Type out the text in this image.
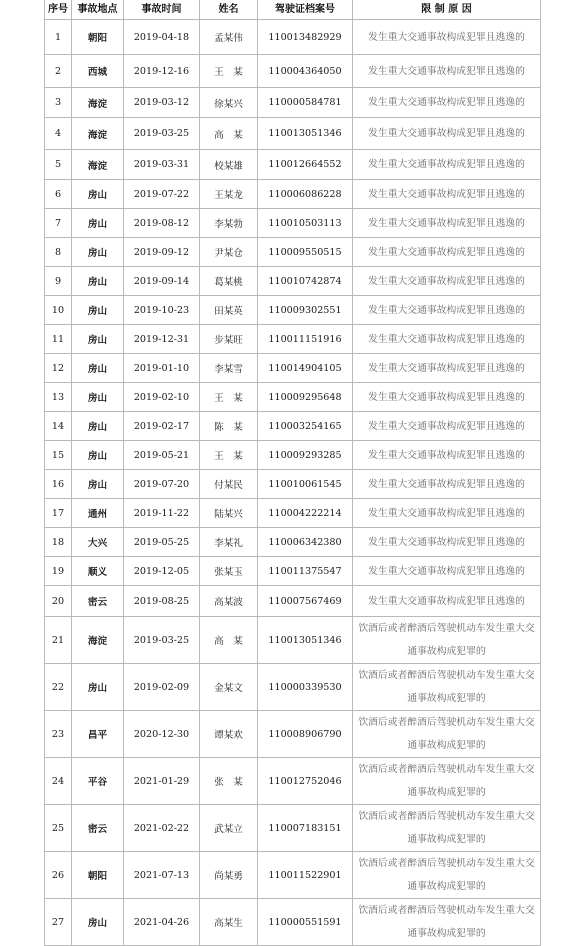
序号	事故地点	事故时间	姓名	驾驶证档案号	限 制 原 因
1	朝阳	2019-04-18	孟某伟	110013482929	发生重大交通事故构成犯罪且逃逸的
2	西城	2019-12-16	王　某	110004364050	发生重大交通事故构成犯罪且逃逸的
3	海淀	2019-03-12	徐某兴	110000584781	发生重大交通事故构成犯罪且逃逸的
4	海淀	2019-03-25	高　某	110013051346	发生重大交通事故构成犯罪且逃逸的
5	海淀	2019-03-31	校某雄	110012664552	发生重大交通事故构成犯罪且逃逸的
6	房山	2019-07-22	王某龙	110006086228	发生重大交通事故构成犯罪且逃逸的
7	房山	2019-08-12	李某勃	110010503113	发生重大交通事故构成犯罪且逃逸的
8	房山	2019-09-12	尹某仓	110009550515	发生重大交通事故构成犯罪且逃逸的
9	房山	2019-09-14	葛某桃	110010742874	发生重大交通事故构成犯罪且逃逸的
10	房山	2019-10-23	田某英	110009302551	发生重大交通事故构成犯罪且逃逸的
11	房山	2019-12-31	步某旺	110011151916	发生重大交通事故构成犯罪且逃逸的
12	房山	2019-01-10	李某雪	110014904105	发生重大交通事故构成犯罪且逃逸的
13	房山	2019-02-10	王　某	110009295648	发生重大交通事故构成犯罪且逃逸的
14	房山	2019-02-17	陈　某	110003254165	发生重大交通事故构成犯罪且逃逸的
15	房山	2019-05-21	王　某	110009293285	发生重大交通事故构成犯罪且逃逸的
16	房山	2019-07-20	付某民	110010061545	发生重大交通事故构成犯罪且逃逸的
17	通州	2019-11-22	陆某兴	110004222214	发生重大交通事故构成犯罪且逃逸的
18	大兴	2019-05-25	李某礼	110006342380	发生重大交通事故构成犯罪且逃逸的
19	顺义	2019-12-05	张某玉	110011375547	发生重大交通事故构成犯罪且逃逸的
20	密云	2019-08-25	高某波	110007567469	发生重大交通事故构成犯罪且逃逸的
21	海淀	2019-03-25	高　某	110013051346	饮酒后或者醉酒后驾驶机动车发生重大交通事故构成犯罪的
22	房山	2019-02-09	金某文	110000339530	饮酒后或者醉酒后驾驶机动车发生重大交通事故构成犯罪的
23	昌平	2020-12-30	谭某欢	110008906790	饮酒后或者醉酒后驾驶机动车发生重大交通事故构成犯罪的
24	平谷	2021-01-29	张　某	110012752046	饮酒后或者醉酒后驾驶机动车发生重大交通事故构成犯罪的
25	密云	2021-02-22	武某立	110007183151	饮酒后或者醉酒后驾驶机动车发生重大交通事故构成犯罪的
26	朝阳	2021-07-13	尚某勇	110011522901	饮酒后或者醉酒后驾驶机动车发生重大交通事故构成犯罪的
27	房山	2021-04-26	高某生	110000551591	饮酒后或者醉酒后驾驶机动车发生重大交通事故构成犯罪的
